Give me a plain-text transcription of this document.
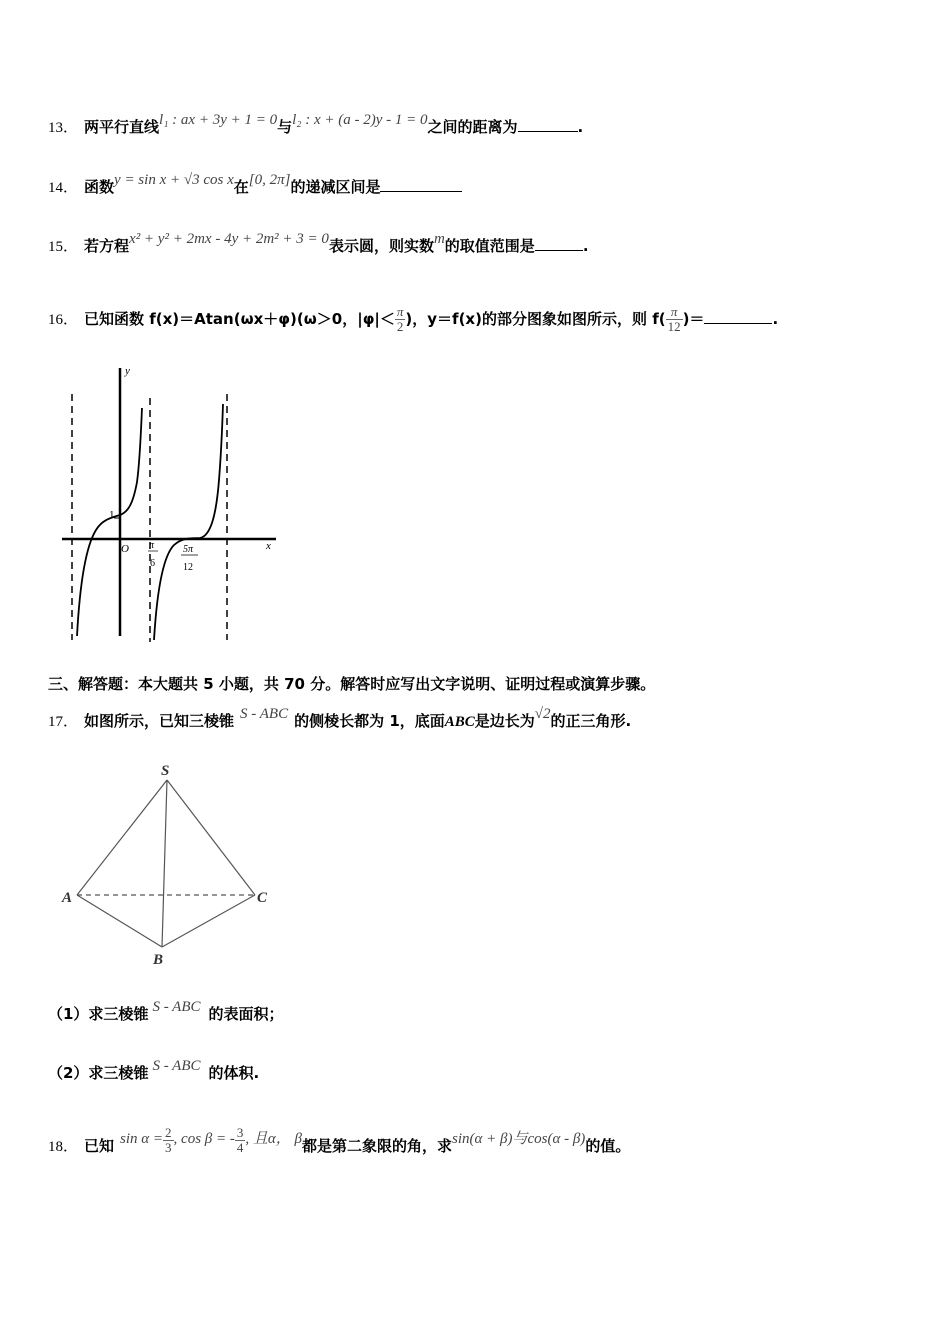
13． 两平行直线l₁ : ax + 3y + 1 = 0与l₂ : x + (a - 2)y - 1 = 0之间的距离为	.
14． 函数y = sin x + √3 cos x在[0, 2π]的递减区间是
15． 若方程x² + y² + 2mx - 4y + 2m² + 3 = 0表示圆，则实数m的取值范围是	.
16． 已知函数 f(x)＝Atan(ωx＋φ)(ω＞0，$|\varphi|< \frac{\pi}{2}$ )，y＝f(x)的部分图象如图所示，则 $f( \frac{\pi}{12}$ )＝	.
y
x
O
1
π
6
5π
12
三、解答题：本大题共 5 小题，共 70 分。解答时应写出文字说明、证明过程或演算步骤。
17． 如图所示，已知三棱锥 S - ABC 的侧棱长都为 1，底面ABC是边长为√2的正三角形.
S
A	C
B
（1）求三棱锥 S - ABC 的表面积；
（2）求三棱锥 S - ABC 的体积.
18． 已知 $\sin \alpha = \frac{2}{3}$ , cos β = - $\frac{3}{4}$ , 且α， β都是第二象限的角，求sin(α + β)与cos(α - β)的值。
